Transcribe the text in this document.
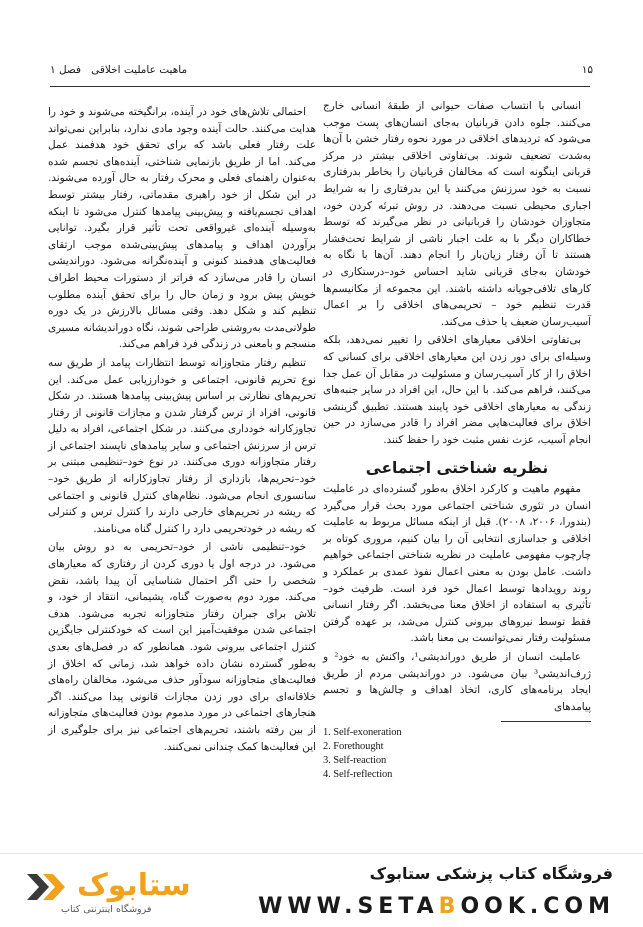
۱۵
ماهیت عاملیت اخلاقی
فصل ۱

انسانی با انتساب صفات حیوانی از طبقهٔ انسانی خارج می‌کنند. جلوه دادن قربانیان به‌جای انسان‌های پست موجب می‌شود که تردیدهای اخلاقی در مورد نحوه رفتار خشن با آن‌ها به‌شدت تضعیف شوند. بی‌تفاوتی اخلاقی بیشتر در مرکز قربانی اینگونه است که مخالفان قربانیان را بخاطر بدرفتاری نسبت به خود سرزنش می‌کنند یا این بدرفتاری را به شرایط اجباری محیطی نسبت می‌دهند. در روش تبرئه کردن خود، متجاوزان خودشان را قربانیانی در نظر می‌گیرند که توسط خطاکاران دیگر با به علت اجبار ناشی از شرایط تحت‌فشار هستند تا آن رفتار زیان‌بار را انجام دهند. آن‌ها با نگاه به خودشان به‌جای قربانی شاید احساس خود–درستکاری در کارهای تلافی‌جویانه داشته باشند. این مجموعه از مکانیسم‌ها قدرت تنظیم خود – تحریمی‌های اخلاقی را بر اعمال آسیب‌رسان ضعیف یا حذف می‌کند.

بی‌تفاوتی اخلاقی معیارهای اخلاقی را تغییر نمی‌دهد، بلکه وسیله‌ای برای دور زدن این معیارهای اخلاقی برای کسانی که اخلاق را از کار آسیب‌رسان و مسئولیت در مقابل آن عمل جدا می‌کنند، فراهم می‌کند. با این حال، این افراد در سایر جنبه‌های زندگی به معیارهای اخلاقی خود پایبند هستند. تطبیق گزینشی اخلاق برای فعالیت‌هایی مضر افراد را قادر می‌سازد در حین انجام آسیب، عزت نفس مثبت خود را حفظ کنند.

نظریه شناختی اجتماعی

مفهوم ماهیت و کارکرد اخلاق به‌طور گسترده‌ای در عاملیت انسان در تئوری شناختی اجتماعی مورد بحث قرار می‌گیرد (بندورا، ۲۰۰۶، ۲۰۰۸). قبل از اینکه مسائل مربوط به عاملیت اخلاقی و جداسازی انتخابی آن را بیان کنیم، مروری کوتاه بر چارچوب مفهومی عاملیت در نظریه شناختی اجتماعی خواهیم داشت. عامل بودن به معنی اعمال نفوذ عمدی بر عملکرد و روند رویدادها توسط اعمال خود فرد است. ظرفیت خود– تأثیری به استفاده از اخلاق معنا می‌بخشد. اگر رفتار انسانی فقط توسط نیروهای بیرونی کنترل می‌شد، بر عهده گرفتن مسئولیت رفتار نمی‌توانست بی معنا باشد.

عاملیت انسان از طریق دوراندیشی¹، واکنش به خود² و ژرف‌اندیشی³ بیان می‌شود. در دوراندیشی مردم از طریق ایجاد برنامه‌های کاری، اتخاذ اهداف و چالش‌ها و تجسم پیامدهای

1. Self-exoneration
2. Forethought
3. Self-reaction
4. Self-reflection

احتمالی تلاش‌های خود در آینده، برانگیخته می‌شوند و خود را هدایت می‌کنند. حالت آینده وجود مادی ندارد، بنابراین نمی‌تواند علت رفتار فعلی باشد که برای تحقق خود هدفمند عمل می‌کند. اما از طریق بازنمایی شناختی، آینده‌های تجسم شده به‌عنوان راهنمای فعلی و محرک رفتار به حال آورده می‌شوند. در این شکل از خود راهبری مقدماتی، رفتار بیشتر توسط اهداف تجسم‌یافته و پیش‌بینی پیامدها کنترل می‌شود تا اینکه به‌وسیله آینده‌ای غیرواقعی تحت تأثیر قرار بگیرد. توانایی برآوردن اهداف و پیامدهای پیش‌بینی‌شده موجب ارتقای فعالیت‌های هدفمند کنونی و آینده‌نگرانه می‌شود. دوراندیشی انسان را قادر می‌سازد که فراتر از دستورات محیط اطراف خویش پیش برود و زمان حال را برای تحقق آینده مطلوب تنظیم کند و شکل دهد. وقتی مسائل بالارزش در یک دوره طولانی‌مدت به‌روشنی طراحی شوند، نگاه دوراندیشانه مسیری منسجم و بامعنی در زندگی فرد فراهم می‌کند.

تنظیم رفتار متجاوزانه توسط انتظارات پیامد از طریق سه نوع تحریم قانونی، اجتماعی و خودارزیابی عمل می‌کند. این تحریم‌های نظارتی بر اساس پیش‌بینی پیامدها هستند. در شکل قانونی، افراد از ترس گرفتار شدن و مجازات قانونی از رفتار تجاوزکارانه خودداری می‌کنند. در شکل اجتماعی، افراد به دلیل ترس از سرزنش اجتماعی و سایر پیامدهای ناپسند اجتماعی از رفتار متجاوزانه دوری می‌کنند. در نوع خود–تنظیمی مبتنی بر خود–تحریم‌ها، بازداری از رفتار تجاوزکارانه از طریق خود–سانسوری انجام می‌شود. نظام‌های کنترل قانونی و اجتماعی که ریشه در تحریم‌های خارجی دارند را کنترل ترس و کنترلی که ریشه در خودتحریمی دارد را کنترل گناه می‌نامند.

خود–تنظیمی ناشی از خود–تحریمی به دو روش بیان می‌شود. در درجه اول یا دوری کردن از رفتاری که معیارهای شخصی را حتی اگر احتمال شناسایی آن پیدا باشد، نقض می‌کند. مورد دوم به‌صورت گناه، پشیمانی، انتقاد از خود، و تلاش برای جبران رفتار متجاوزانه تجربه می‌شود. هدف اجتماعی شدن موفقیت‌آمیز این است که خودکنترلی جایگزین کنترل اجتماعی بیرونی شود. همانطور که در فصل‌های بعدی به‌طور گسترده نشان داده خواهد شد، زمانی که اخلاق از فعالیت‌های متجاوزانه سودآور حذف می‌شود، مخالفان راه‌های خلاقانه‌ای برای دور زدن مجازات قانونی پیدا می‌کنند. اگر هنجارهای اجتماعی در مورد مدموم بودن فعالیت‌های متجاوزانه از بین رفته باشند، تحریم‌های اجتماعی نیز برای جلوگیری از این فعالیت‌ها کمک چندانی نمی‌کنند.

ستابوک
فروشگاه اینترنتی کتاب
فروشگاه کتاب پزشکی ستابوک
WWW.SETABOOK.COM
